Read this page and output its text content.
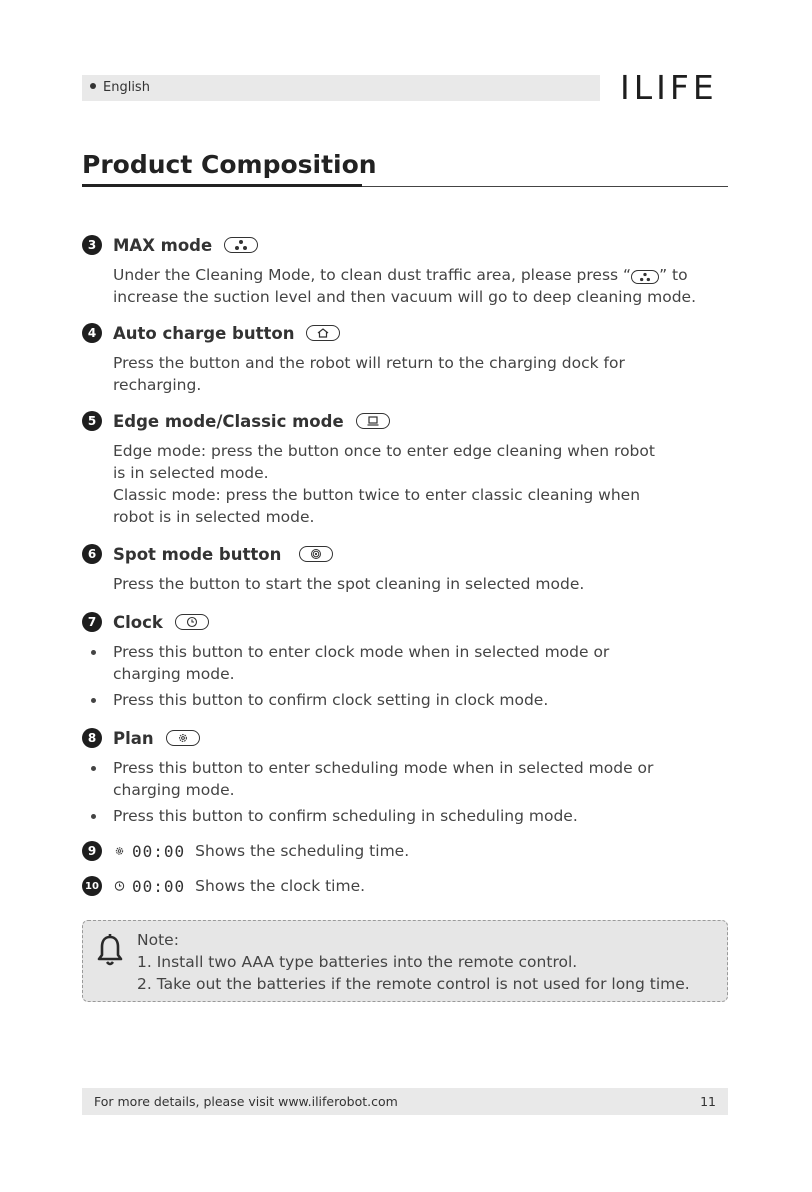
English	ILIFE
Product Composition
3	MAX mode
Under the Cleaning Mode, to clean dust traffic area, please press “ ” to
increase the suction level and then vacuum will go to deep cleaning mode.
4	Auto charge button
Press the button and the robot will return to the charging dock for
recharging.
5	Edge mode/Classic mode
Edge mode: press the button once to enter edge cleaning when robot
is in selected mode.
Classic mode: press the button twice to enter classic cleaning when
robot is in selected mode.
6	Spot mode button
Press the button to start the spot cleaning in selected mode.
7	Clock
Press this button to enter clock mode when in selected mode or
charging mode.
Press this button to confirm clock setting in clock mode.
8	Plan
Press this button to enter scheduling mode when in selected mode or
charging mode.
Press this button to confirm scheduling in scheduling mode.
9	00:00 Shows the scheduling time.
10 00:00 Shows the clock time.
Note:
1. Install two AAA type batteries into the remote control.
2. Take out the batteries if the remote control is not used for long time.
For more details, please visit www.iliferobot.com	11
